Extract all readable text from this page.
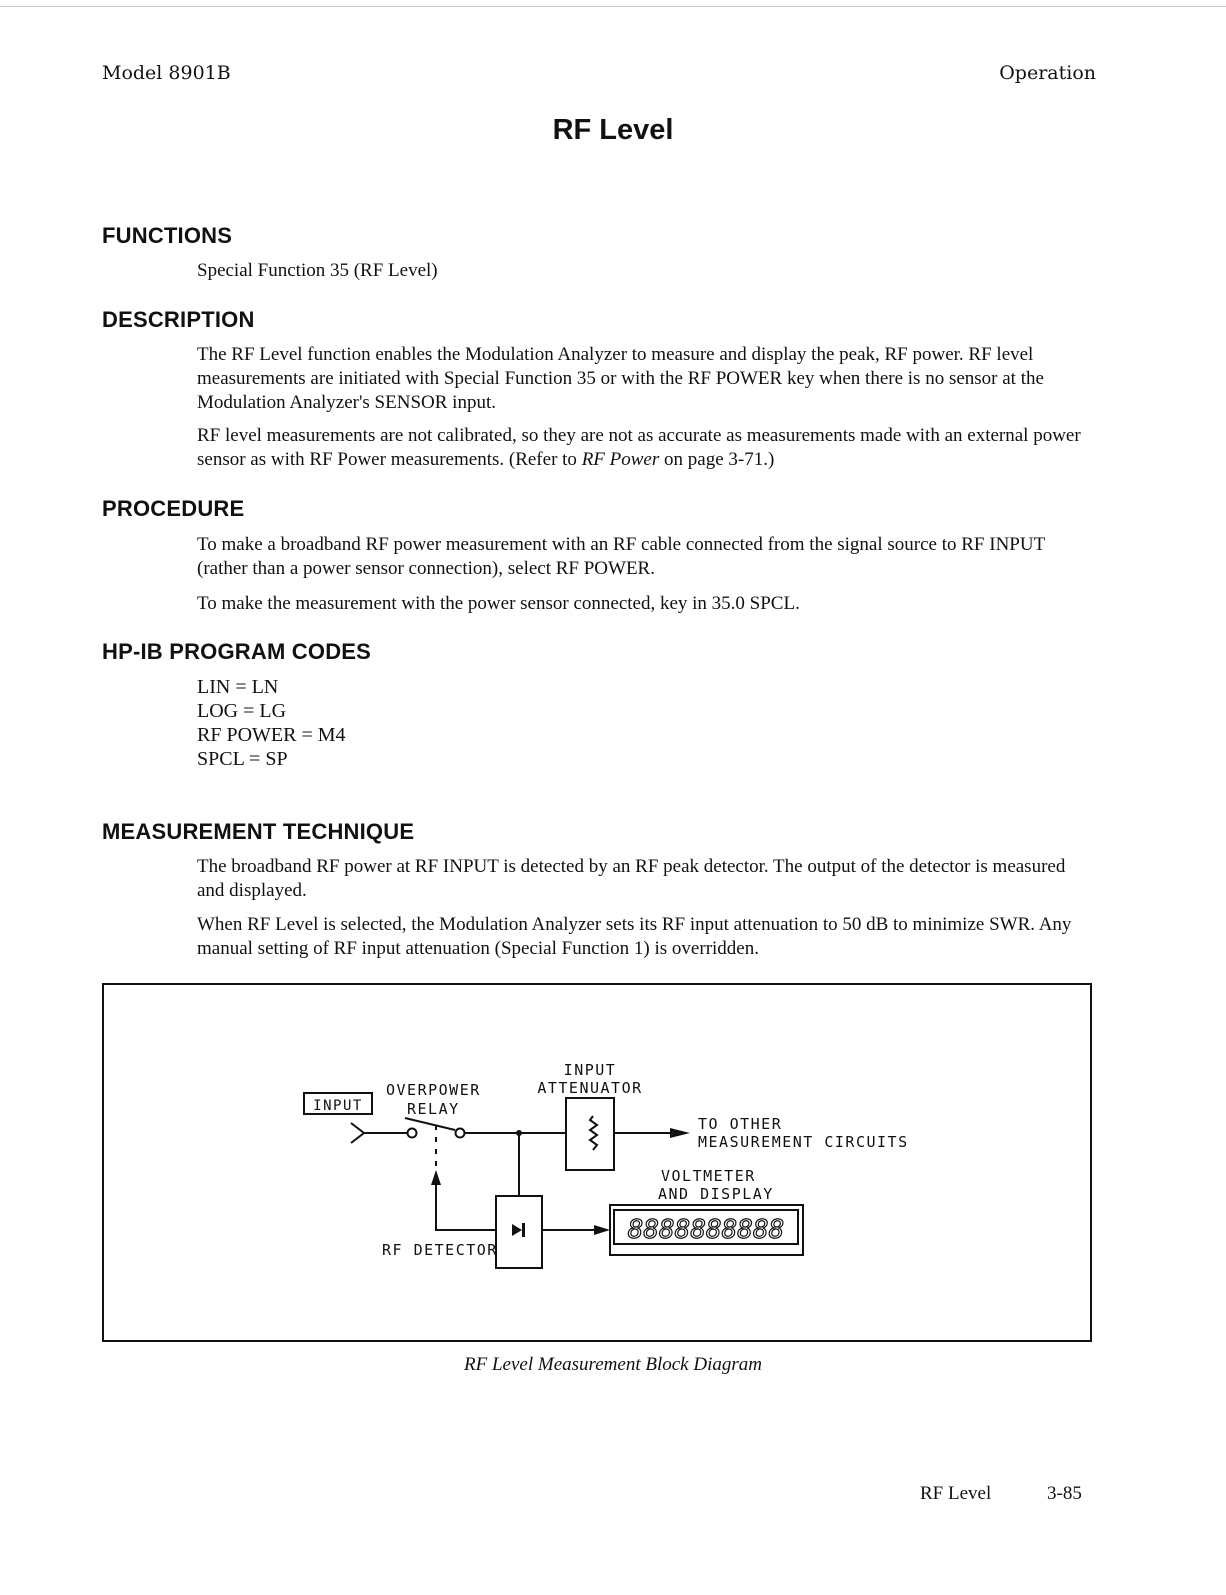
Model 8901B	Operation
RF Level
FUNCTIONS
Special Function 35 (RF Level)
DESCRIPTION
The RF Level function enables the Modulation Analyzer to measure and display the peak, RF power. RF level measurements are initiated with Special Function 35 or with the RF POWER key when there is no sensor at the Modulation Analyzer's SENSOR input.
RF level measurements are not calibrated, so they are not as accurate as measurements made with an external power sensor as with RF Power measurements. (Refer to RF Power on page 3-71.)
PROCEDURE
To make a broadband RF power measurement with an RF cable connected from the signal source to RF INPUT (rather than a power sensor connection), select RF POWER.
To make the measurement with the power sensor connected, key in 35.0 SPCL.
HP-IB PROGRAM CODES
LIN = LN
LOG = LG
RF POWER = M4
SPCL = SP
MEASUREMENT TECHNIQUE
The broadband RF power at RF INPUT is detected by an RF peak detector. The output of the detector is measured and displayed.
When RF Level is selected, the Modulation Analyzer sets its RF input attenuation to 50 dB to minimize SWR. Any manual setting of RF input attenuation (Special Function 1) is overridden.
INPUT
OVERPOWER
RELAY
INPUT
ATTENUATOR
TO OTHER
MEASUREMENT CIRCUITS
VOLTMETER
AND DISPLAY
RF DETECTOR
8888888888
RF Level Measurement Block Diagram
RF Level	3-85
